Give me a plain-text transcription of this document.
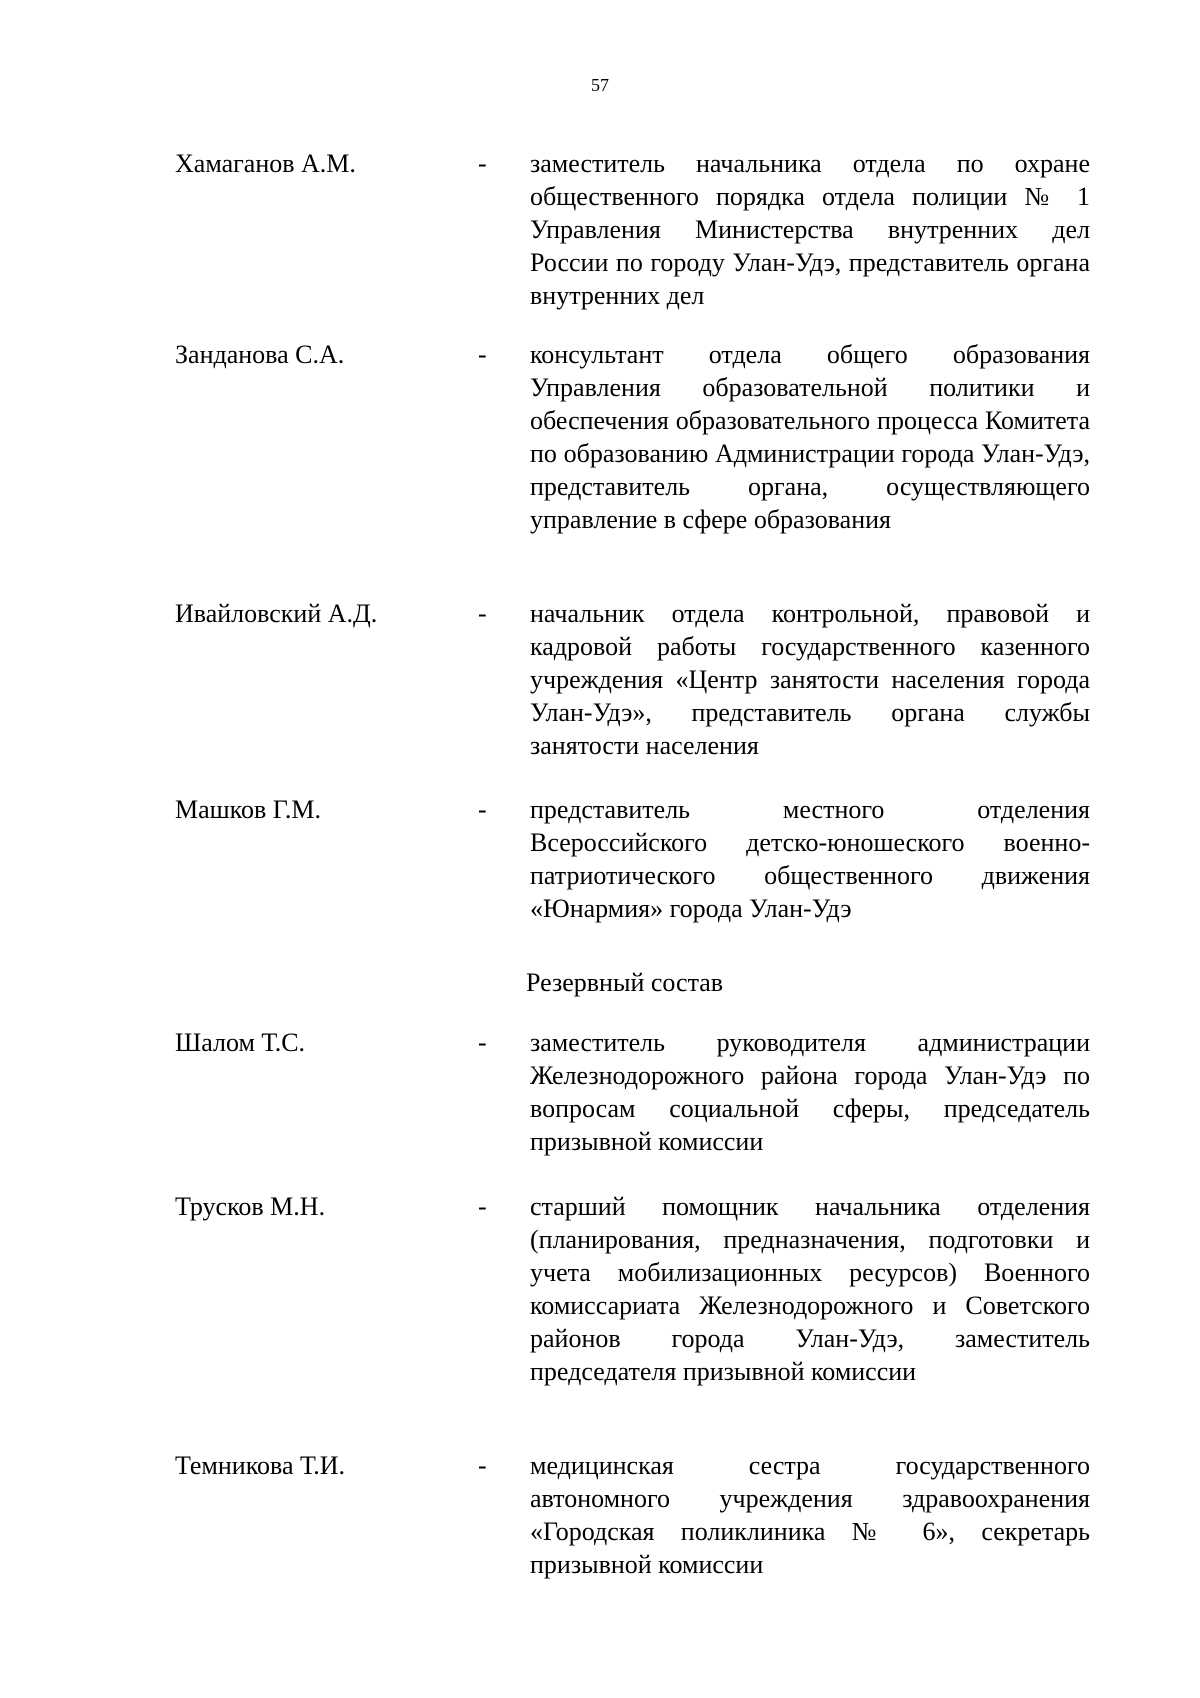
57
Хамаганов А.М.	- заместитель начальника отдела по охране общественного порядка отдела полиции № 1 Управления Министерства внутренних дел России по городу Улан-Удэ, представитель органа внутренних дел
Занданова С.А.	- консультант отдела общего образования Управления образовательной политики и обеспечения образовательного процесса Комитета по образованию Администрации города Улан-Удэ, представитель органа, осуществляющего управление в сфере образования
Ивайловский А.Д.	- начальник отдела контрольной, правовой и кадровой работы государственного казенного учреждения «Центр занятости населения города Улан-Удэ», представитель органа службы занятости населения
Машков Г.М.	- представитель местного отделения Всероссийского детско-юношеского военно-патриотического общественного движения «Юнармия» города Улан-Удэ
Резервный состав
Шалом Т.С.	- заместитель руководителя администрации Железнодорожного района города Улан-Удэ по вопросам социальной сферы, председатель призывной комиссии
Трусков М.Н.	- старший помощник начальника отделения (планирования, предназначения, подготовки и учета мобилизационных ресурсов) Военного комиссариата Железнодорожного и Советского районов города Улан-Удэ, заместитель председателя призывной комиссии
Темникова Т.И.	- медицинская сестра государственного автономного учреждения здравоохранения «Городская поликлиника № 6», секретарь призывной комиссии
